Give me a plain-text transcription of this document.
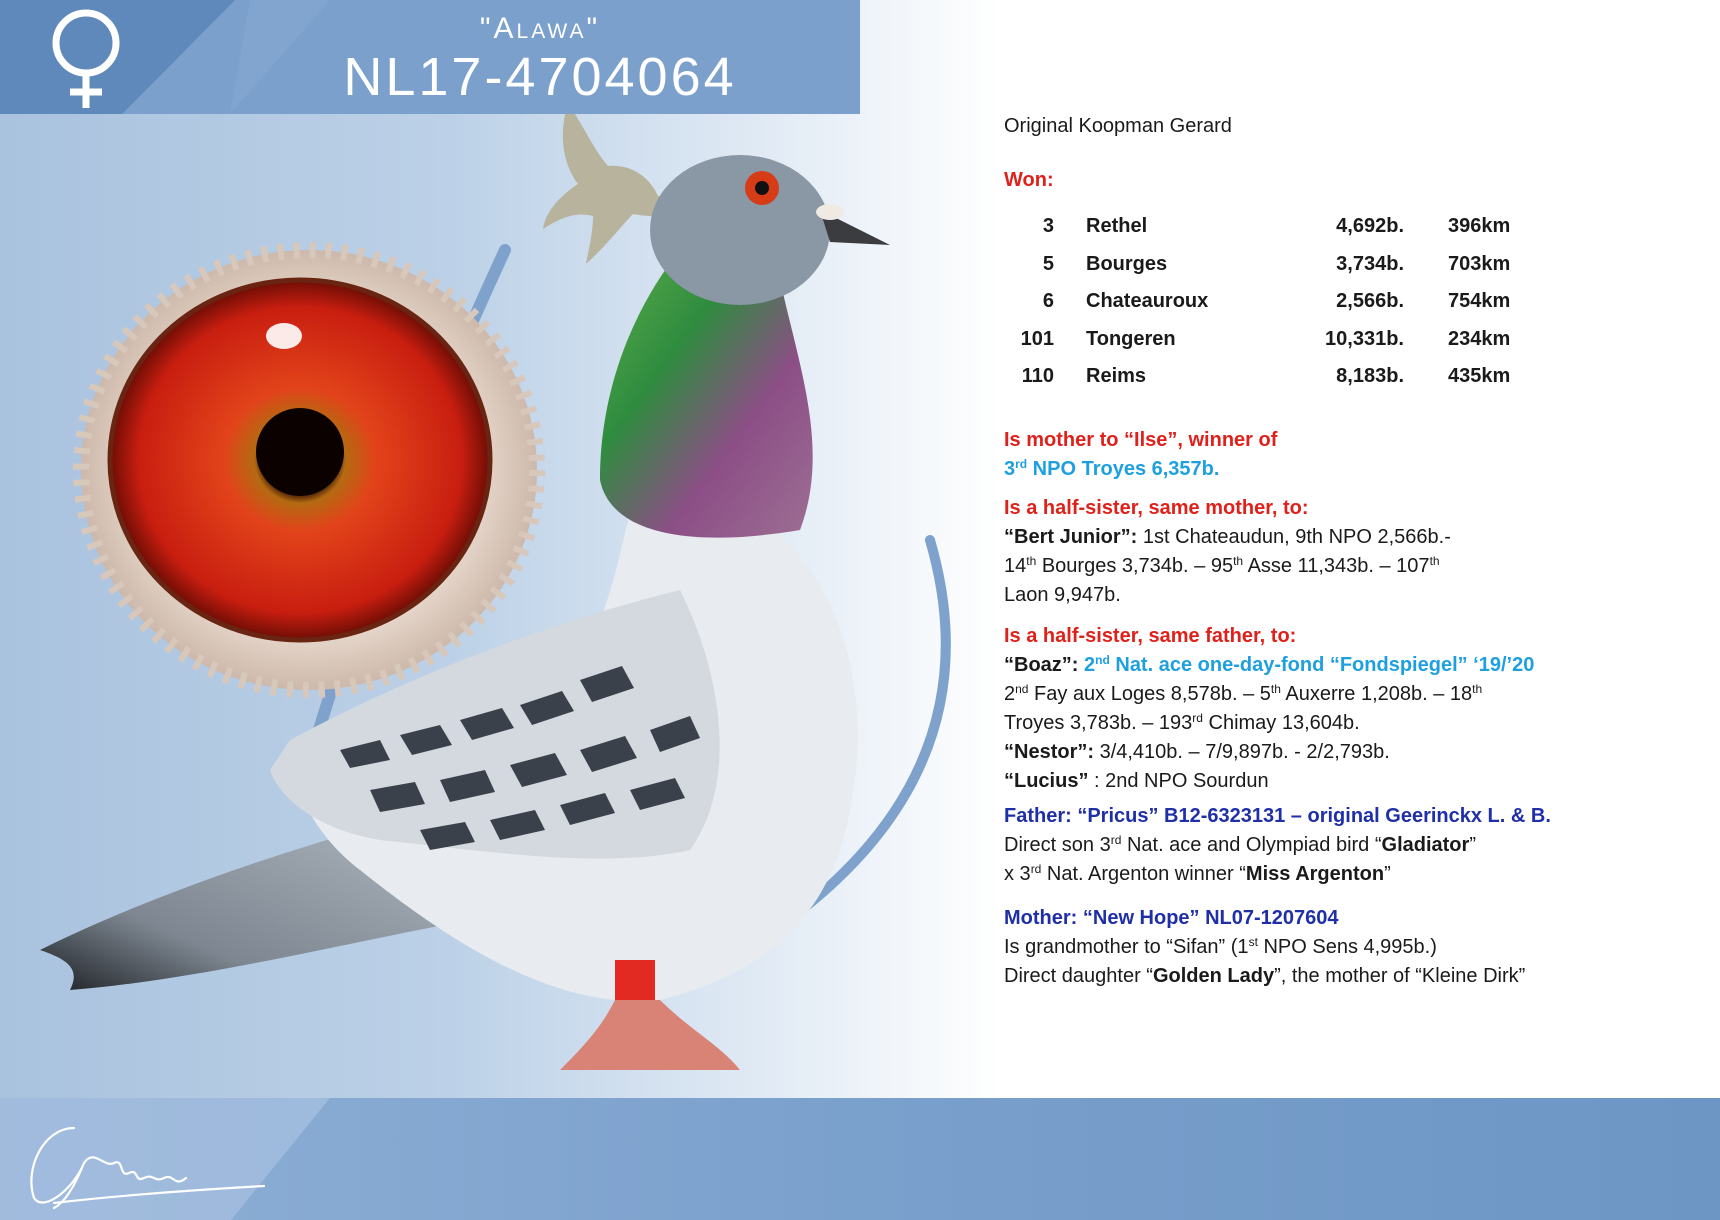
"Alawa"
NL17-4704064
Original Koopman Gerard
Won:
3 Rethel	4,692b. 396km
5 Bourges	3,734b. 703km
6 Chateauroux	2,566b. 754km
101 Tongeren	10,331b. 234km
110 Reims	8,183b. 435km
Is mother to “Ilse”, winner of
3rd NPO Troyes 6,357b.
Is a half-sister, same mother, to:
“Bert Junior”: 1st Chateaudun, 9th NPO 2,566b.-
14th Bourges 3,734b. – 95th Asse 11,343b. – 107th
Laon 9,947b.
Is a half-sister, same father, to:
“Boaz”: 2nd Nat. ace one-day-fond “Fondspiegel” ‘19/’20
2nd Fay aux Loges 8,578b. – 5th Auxerre 1,208b. – 18th
Troyes 3,783b. – 193rd Chimay 13,604b.
“Nestor”: 3/4,410b. – 7/9,897b. - 2/2,793b.
“Lucius” : 2nd NPO Sourdun
Father: “Pricus” B12-6323131 – original Geerinckx L. & B.
Direct son 3rd Nat. ace and Olympiad bird “Gladiator”
x 3rd Nat. Argenton winner “Miss Argenton”
Mother: “New Hope” NL07-1207604
Is grandmother to “Sifan” (1st NPO Sens 4,995b.)
Direct daughter “Golden Lady”, the mother of “Kleine Dirk”
